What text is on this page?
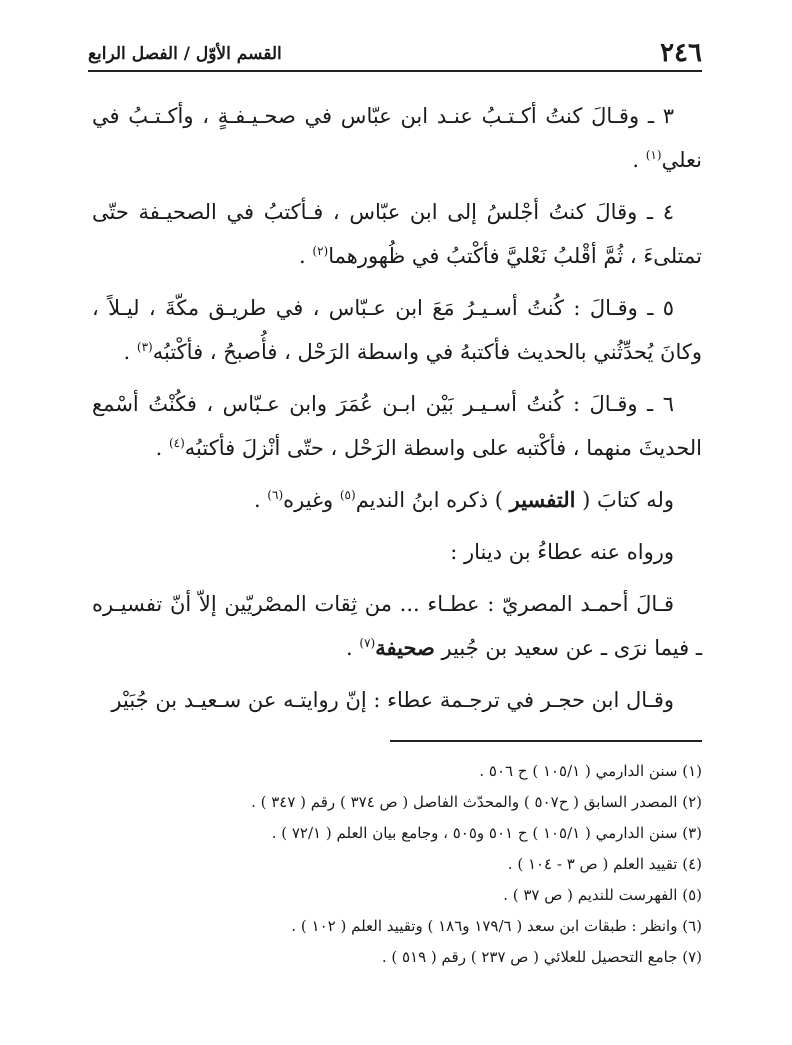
٢٤٦
القسم الأوّل / الفصل الرابع

٣ ـ وقـالَ كنتُ أكـتـبُ عنـد ابن عبّاس في صحـيـفـةٍ ، وأكـتـبُ في نعلي$^{(١)}$ .

٤ ـ وقالَ كنتُ أجْلسُ إلى ابن عبّاس ، فـأكتبُ في الصحيـفة حتّى تمتلىءَ ، ثُمَّ أقْلبُ نَعْليَّ فأكْتبُ في ظُهورهما$^{(٢)}$ .

٥ ـ وقـالَ : كُنتُ أسـيـرُ مَعَ ابن عـبّاس ، في طريـق مكّةَ ، ليـلاً ، وكانَ يُحدِّثُني بالحديث فأكتبهُ في واسطة الرَحْل ، فأُصبحُ ، فأكْتبُه$^{(٣)}$ .

٦ ـ وقـالَ : كُنتُ أسـيـر بَيْن ابـن عُمَرَ وابن عـبّاس ، فكُنْتُ أسْمع الحديثَ منهما ، فأكْتبه على واسطة الرَحْل ، حتّى أنْزلَ فأكتبُه$^{(٤)}$ .

وله كتابَ ( التفسير ) ذكره ابنُ النديم$^{(٥)}$ وغيره$^{(٦)}$ .

ورواه عنه عطاءُ بن دينار :

قـالَ أحمـد المصريّ : عطـاء ... من ثِقات المصْريّين إلاّ أنّ تفسيـره ـ فيما نرَى ـ عن سعيد بن جُبير صحيفة$^{(٧)}$ .

وقـال ابن حجـر في ترجـمة عطاء : إنّ روايتـه عن سـعيـد بن جُبَيْر

(١) سنن الدارمي ( ١٠٥/١ ) ح ٥٠٦ .
(٢) المصدر السابق ( ح٥٠٧ ) والمحدّث الفاصل ( ص ٣٧٤ ) رقم ( ٣٤٧ ) .
(٣) سنن الدارمي ( ١٠٥/١ ) ح ٥٠١ و٥٠٥ ، وجامع بيان العلم ( ٧٢/١ ) .
(٤) تقييد العلم ( ص ٣ - ١٠٤ ) .
(٥) الفهرست للنديم ( ص ٣٧ ) .
(٦) وانظر : طبقات ابن سعد ( ١٧٩/٦ و١٨٦ ) وتقييد العلم ( ١٠٢ ) .
(٧) جامع التحصيل للعلائي ( ص ٢٣٧ ) رقم ( ٥١٩ ) .
